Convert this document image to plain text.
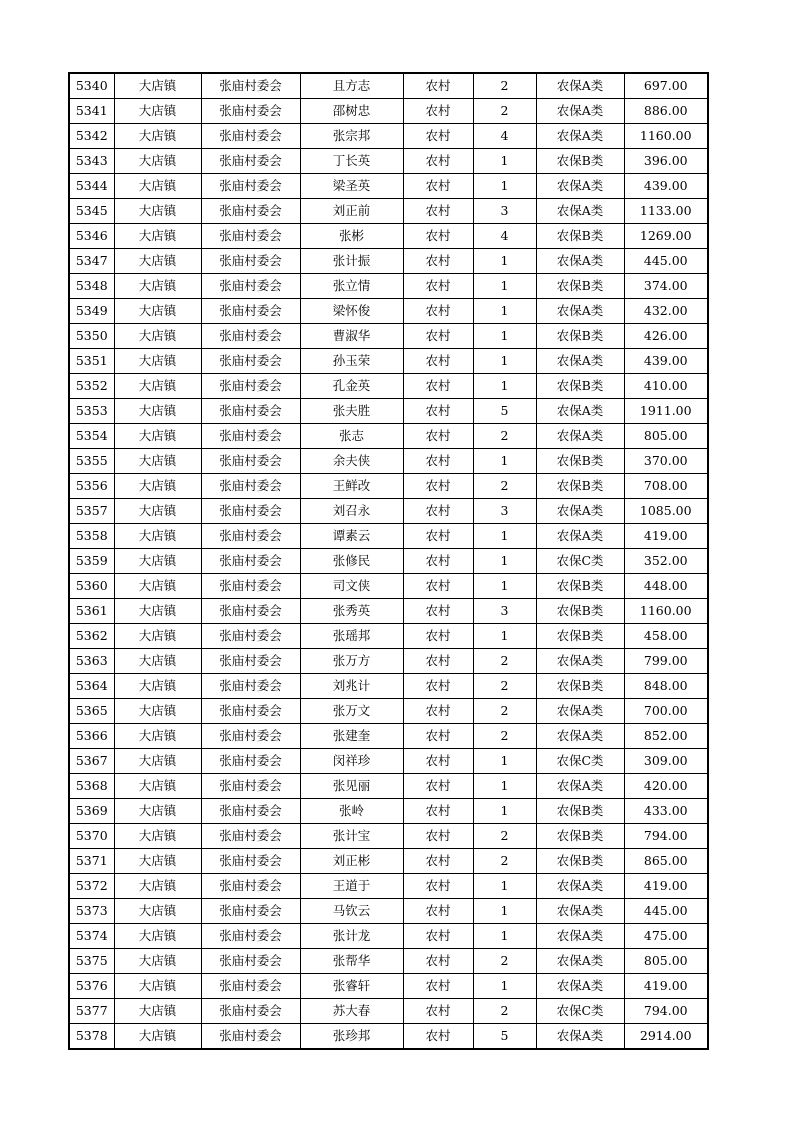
5340	大店镇	张庙村委会	且方志	农村	2	农保A类	697.00
5341	大店镇	张庙村委会	邵树忠	农村	2	农保A类	886.00
5342	大店镇	张庙村委会	张宗邦	农村	4	农保A类	1160.00
5343	大店镇	张庙村委会	丁长英	农村	1	农保B类	396.00
5344	大店镇	张庙村委会	梁圣英	农村	1	农保A类	439.00
5345	大店镇	张庙村委会	刘正前	农村	3	农保A类	1133.00
5346	大店镇	张庙村委会	张彬	农村	4	农保B类	1269.00
5347	大店镇	张庙村委会	张计振	农村	1	农保A类	445.00
5348	大店镇	张庙村委会	张立情	农村	1	农保B类	374.00
5349	大店镇	张庙村委会	梁怀俊	农村	1	农保A类	432.00
5350	大店镇	张庙村委会	曹淑华	农村	1	农保B类	426.00
5351	大店镇	张庙村委会	孙玉荣	农村	1	农保A类	439.00
5352	大店镇	张庙村委会	孔金英	农村	1	农保B类	410.00
5353	大店镇	张庙村委会	张夫胜	农村	5	农保A类	1911.00
5354	大店镇	张庙村委会	张志	农村	2	农保A类	805.00
5355	大店镇	张庙村委会	余夫侠	农村	1	农保B类	370.00
5356	大店镇	张庙村委会	王鲜改	农村	2	农保B类	708.00
5357	大店镇	张庙村委会	刘召永	农村	3	农保A类	1085.00
5358	大店镇	张庙村委会	谭素云	农村	1	农保A类	419.00
5359	大店镇	张庙村委会	张修民	农村	1	农保C类	352.00
5360	大店镇	张庙村委会	司文侠	农村	1	农保B类	448.00
5361	大店镇	张庙村委会	张秀英	农村	3	农保B类	1160.00
5362	大店镇	张庙村委会	张瑶邦	农村	1	农保B类	458.00
5363	大店镇	张庙村委会	张万方	农村	2	农保A类	799.00
5364	大店镇	张庙村委会	刘兆计	农村	2	农保B类	848.00
5365	大店镇	张庙村委会	张万文	农村	2	农保A类	700.00
5366	大店镇	张庙村委会	张建奎	农村	2	农保A类	852.00
5367	大店镇	张庙村委会	闵祥珍	农村	1	农保C类	309.00
5368	大店镇	张庙村委会	张见丽	农村	1	农保A类	420.00
5369	大店镇	张庙村委会	张岭	农村	1	农保B类	433.00
5370	大店镇	张庙村委会	张计宝	农村	2	农保B类	794.00
5371	大店镇	张庙村委会	刘正彬	农村	2	农保B类	865.00
5372	大店镇	张庙村委会	王道于	农村	1	农保A类	419.00
5373	大店镇	张庙村委会	马钦云	农村	1	农保A类	445.00
5374	大店镇	张庙村委会	张计龙	农村	1	农保A类	475.00
5375	大店镇	张庙村委会	张帮华	农村	2	农保A类	805.00
5376	大店镇	张庙村委会	张睿轩	农村	1	农保A类	419.00
5377	大店镇	张庙村委会	苏大春	农村	2	农保C类	794.00
5378	大店镇	张庙村委会	张珍邦	农村	5	农保A类	2914.00
